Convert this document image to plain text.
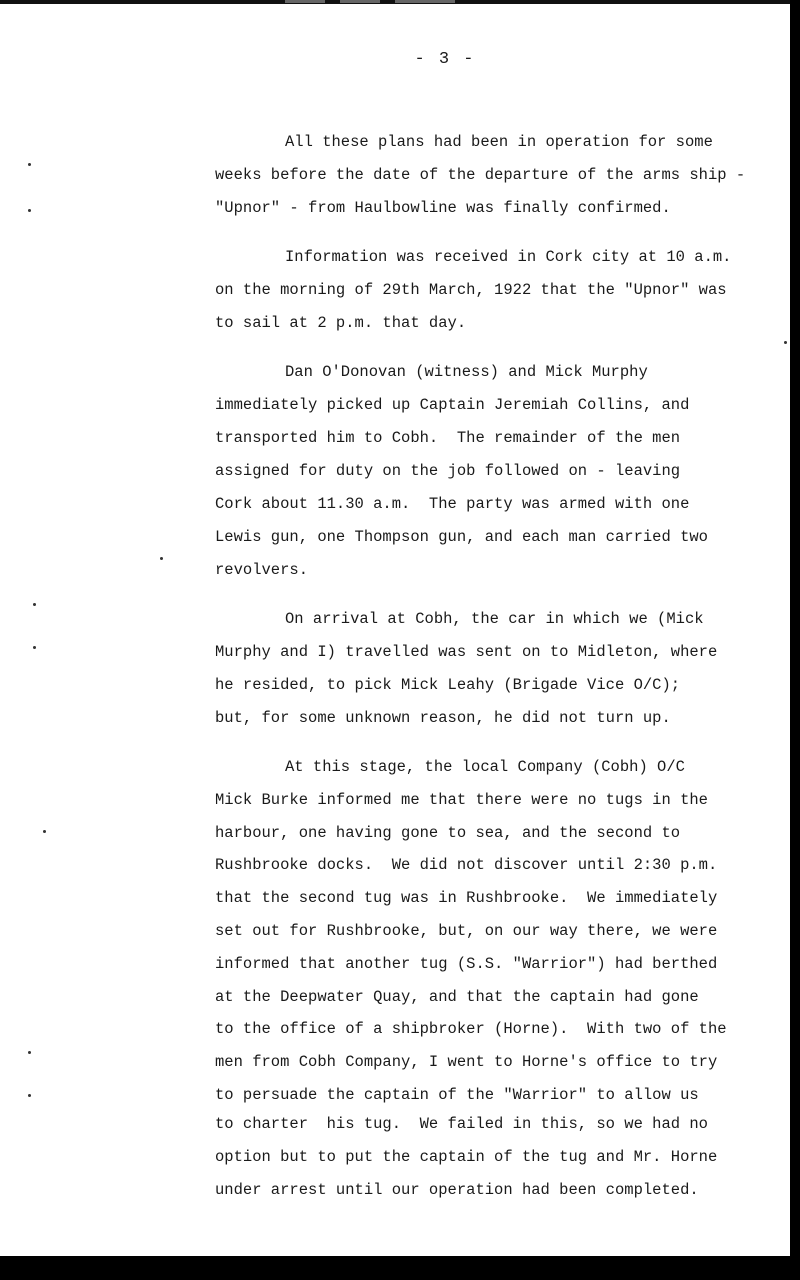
- 3 -
All these plans had been in operation for some
weeks before the date of the departure of the arms ship -
"Upnor" - from Haulbowline was finally confirmed.
Information was received in Cork city at 10 a.m.
on the morning of 29th March, 1922 that the "Upnor" was
to sail at 2 p.m. that day.
Dan O'Donovan (witness) and Mick Murphy
immediately picked up Captain Jeremiah Collins, and
transported him to Cobh.  The remainder of the men
assigned for duty on the job followed on - leaving
Cork about 11.30 a.m.  The party was armed with one
Lewis gun, one Thompson gun, and each man carried two
revolvers.
On arrival at Cobh, the car in which we (Mick
Murphy and I) travelled was sent on to Midleton, where
he resided, to pick Mick Leahy (Brigade Vice O/C);
but, for some unknown reason, he did not turn up.
At this stage, the local Company (Cobh) O/C
Mick Burke informed me that there were no tugs in the
harbour, one having gone to sea, and the second to
Rushbrooke docks.  We did not discover until 2:30 p.m.
that the second tug was in Rushbrooke.  We immediately
set out for Rushbrooke, but, on our way there, we were
informed that another tug (S.S. "Warrior") had berthed
at the Deepwater Quay, and that the captain had gone
to the office of a shipbroker (Horne).  With two of the
men from Cobh Company, I went to Horne's office to try
to persuade the captain of the "Warrior" to allow us
to charter  his tug.  We failed in this, so we had no
option but to put the captain of the tug and Mr. Horne
under arrest until our operation had been completed.
